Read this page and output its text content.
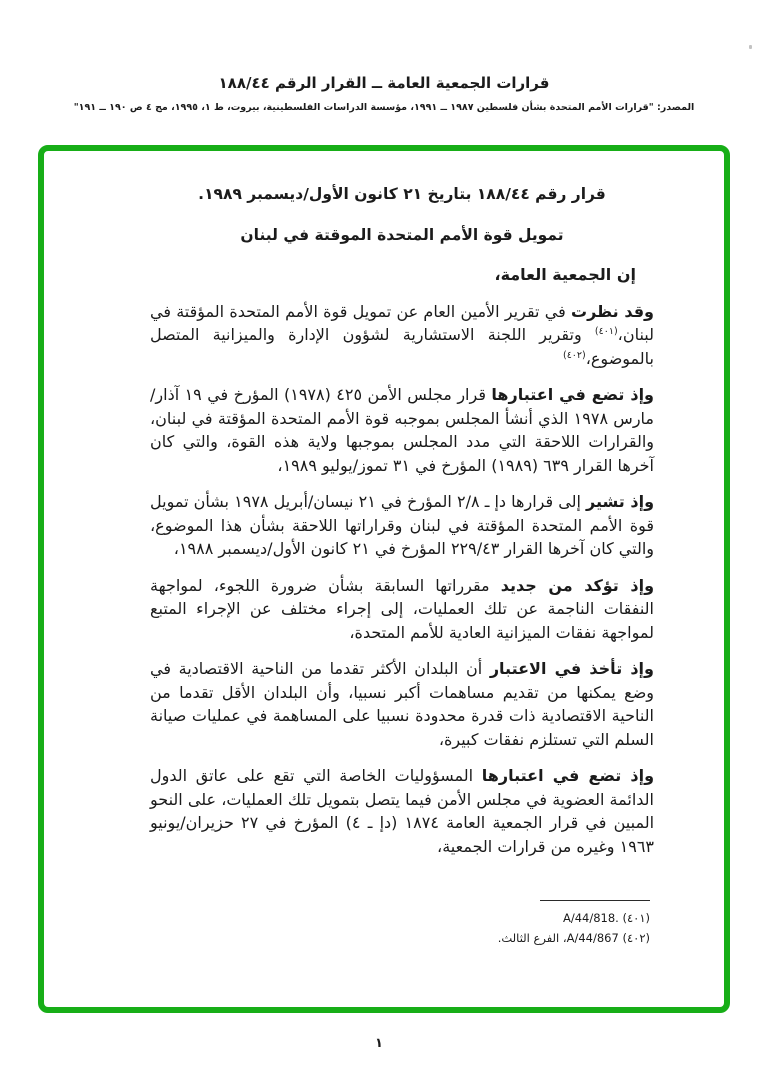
قرارات الجمعية العامة ــ القرار الرقم ١٨٨/٤٤
المصدر: "قرارات الأمم المتحدة بشأن فلسطين ١٩٨٧ ــ ١٩٩١، مؤسسة الدراسات الفلسطينية، بيروت، ط ١، ١٩٩٥، مج ٤ ص ١٩٠ ــ ١٩١"

قرار رقم ١٨٨/٤٤ بتاريخ ٢١ كانون الأول/ديسمبر ١٩٨٩.

تمويل قوة الأمم المتحدة الموقتة في لبنان

إن الجمعية العامة،

وقد نظرت في تقرير الأمين العام عن تمويل قوة الأمم المتحدة المؤقتة في لبنان،$^{(٤٠١)}$ وتقرير اللجنة الاستشارية لشؤون الإدارة والميزانية المتصل بالموضوع،$^{(٤٠٢)}$

وإذ تضع في اعتبارها قرار مجلس الأمن ٤٢٥ (١٩٧٨) المؤرخ في ١٩ آذار/مارس ١٩٧٨ الذي أنشأ المجلس بموجبه قوة الأمم المتحدة المؤقتة في لبنان، والقرارات اللاحقة التي مدد المجلس بموجبها ولاية هذه القوة، والتي كان آخرها القرار ٦٣٩ (١٩٨٩) المؤرخ في ٣١ تموز/يوليو ١٩٨٩،

وإذ تشير إلى قرارها دإ ـ ٢/٨ المؤرخ في ٢١ نيسان/أبريل ١٩٧٨ بشأن تمويل قوة الأمم المتحدة المؤقتة في لبنان وقراراتها اللاحقة بشأن هذا الموضوع، والتي كان آخرها القرار ٢٢٩/٤٣ المؤرخ في ٢١ كانون الأول/ديسمبر ١٩٨٨،

وإذ تؤكد من جديد مقرراتها السابقة بشأن ضرورة اللجوء، لمواجهة النفقات الناجمة عن تلك العمليات، إلى إجراء مختلف عن الإجراء المتبع لمواجهة نفقات الميزانية العادية للأمم المتحدة،

وإذ تأخذ في الاعتبار أن البلدان الأكثر تقدما من الناحية الاقتصادية في وضع يمكنها من تقديم مساهمات أكبر نسبيا، وأن البلدان الأقل تقدما من الناحية الاقتصادية ذات قدرة محدودة نسبيا على المساهمة في عمليات صيانة السلم التي تستلزم نفقات كبيرة،

وإذ تضع في اعتبارها المسؤوليات الخاصة التي تقع على عاتق الدول الدائمة العضوية في مجلس الأمن فيما يتصل بتمويل تلك العمليات، على النحو المبين في قرار الجمعية العامة ١٨٧٤ (دإ ـ ٤) المؤرخ في ٢٧ حزيران/يونيو ١٩٦٣ وغيره من قرارات الجمعية،

(٤٠١) A/44/818.
(٤٠٢) A/44/867، الفرع الثالث.
١
